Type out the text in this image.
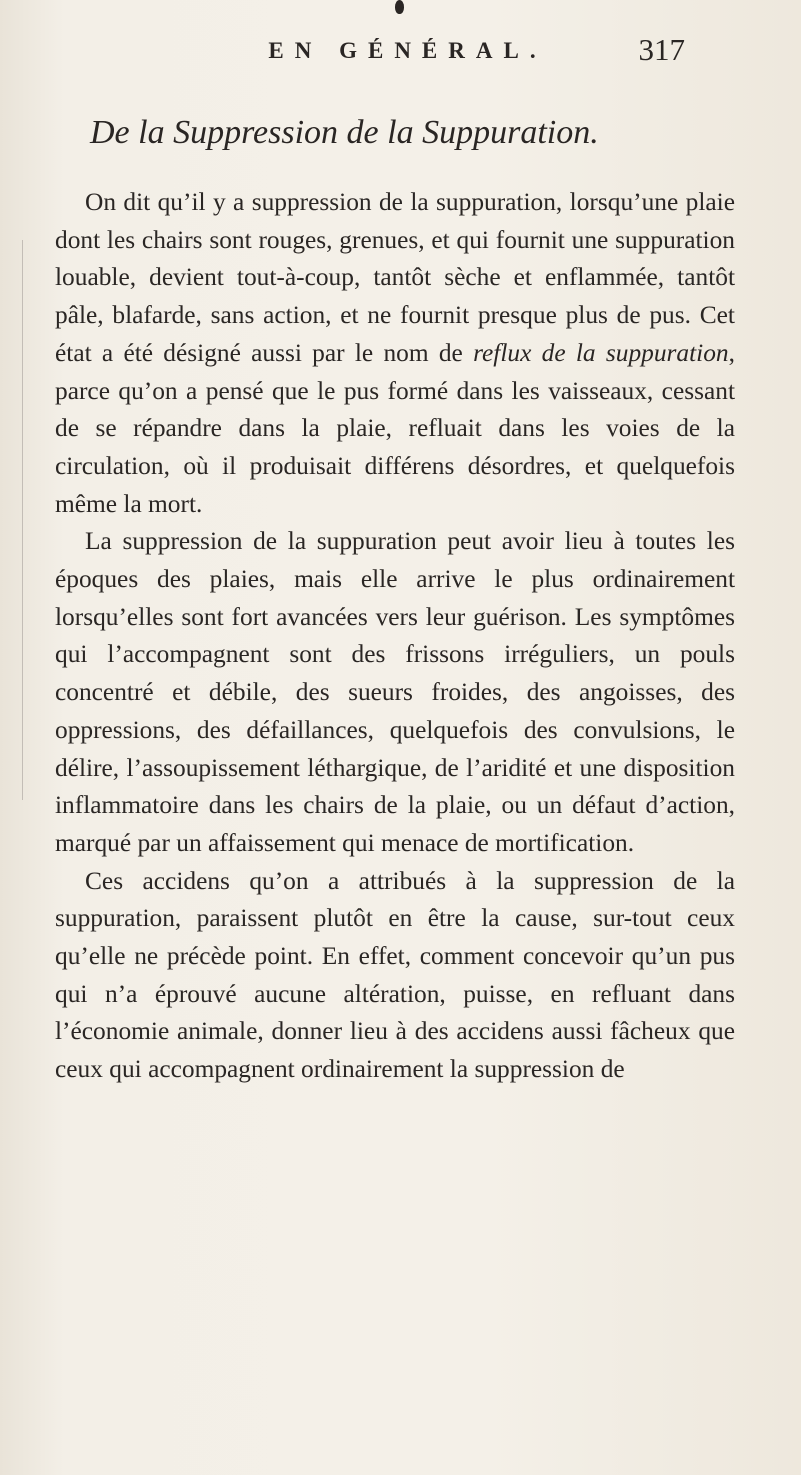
EN GÉNÉRAL.	317
De la Suppression de la Suppuration.

On dit qu’il y a suppression de la suppuration, lorsqu’une plaie dont les chairs sont rouges, grenues, et qui fournit une suppuration louable, devient tout-à-coup, tantôt sèche et enflammée, tantôt pâle, blafarde, sans action, et ne fournit presque plus de pus. Cet état a été désigné aussi par le nom de reflux de la suppuration, parce qu’on a pensé que le pus formé dans les vaisseaux, cessant de se répandre dans la plaie, refluait dans les voies de la circulation, où il produisait différens désordres, et quelquefois même la mort.

La suppression de la suppuration peut avoir lieu à toutes les époques des plaies, mais elle arrive le plus ordinairement lorsqu’elles sont fort avancées vers leur guérison. Les symptômes qui l’accompagnent sont des frissons irréguliers, un pouls concentré et débile, des sueurs froides, des angoisses, des oppressions, des défaillances, quelquefois des convulsions, le délire, l’assoupissement léthargique, de l’aridité et une disposition inflammatoire dans les chairs de la plaie, ou un défaut d’action, marqué par un affaissement qui menace de mortification.

Ces accidens qu’on a attribués à la suppression de la suppuration, paraissent plutôt en être la cause, sur-tout ceux qu’elle ne précède point. En effet, comment concevoir qu’un pus qui n’a éprouvé aucune altération, puisse, en refluant dans l’économie animale, donner lieu à des accidens aussi fâcheux que ceux qui accompagnent ordinairement la suppression de
